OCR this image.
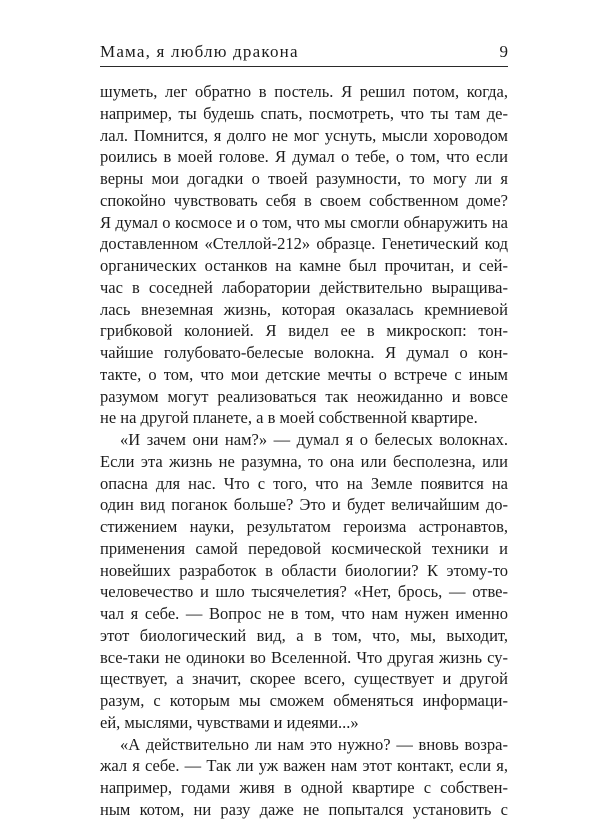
Мама, я люблю дракона	9
шуметь, лег обратно в постель. Я решил потом, когда,
например, ты будешь спать, посмотреть, что ты там де-
лал. Помнится, я долго не мог уснуть, мысли хороводом
роились в моей голове. Я думал о тебе, о том, что если
верны мои догадки о твоей разумности, то могу ли я
спокойно чувствовать себя в своем собственном доме?
Я думал о космосе и о том, что мы смогли обнаружить на
доставленном «Стеллой-212» образце. Генетический код
органических останков на камне был прочитан, и сей-
час в соседней лаборатории действительно выращива-
лась внеземная жизнь, которая оказалась кремниевой
грибковой колонией. Я видел ее в микроскоп: тон-
чайшие голубовато-белесые волокна. Я думал о кон-
такте, о том, что мои детские мечты о встрече с иным
разумом могут реализоваться так неожиданно и вовсе
не на другой планете, а в моей собственной квартире.
«И зачем они нам?» — думал я о белесых волокнах.
Если эта жизнь не разумна, то она или бесполезна, или
опасна для нас. Что с того, что на Земле появится на
один вид поганок больше? Это и будет величайшим до-
стижением науки, результатом героизма астронавтов,
применения самой передовой космической техники и
новейших разработок в области биологии? К этому-то
человечество и шло тысячелетия? «Нет, брось, — отве-
чал я себе. — Вопрос не в том, что нам нужен именно
этот биологический вид, а в том, что, мы, выходит,
все-таки не одиноки во Вселенной. Что другая жизнь су-
ществует, а значит, скорее всего, существует и другой
разум, с которым мы сможем обменяться информаци-
ей, мыслями, чувствами и идеями...»
«А действительно ли нам это нужно? — вновь возра-
жал я себе. — Так ли уж важен нам этот контакт, если я,
например, годами живя в одной квартире с собствен-
ным котом, ни разу даже не попытался установить с
